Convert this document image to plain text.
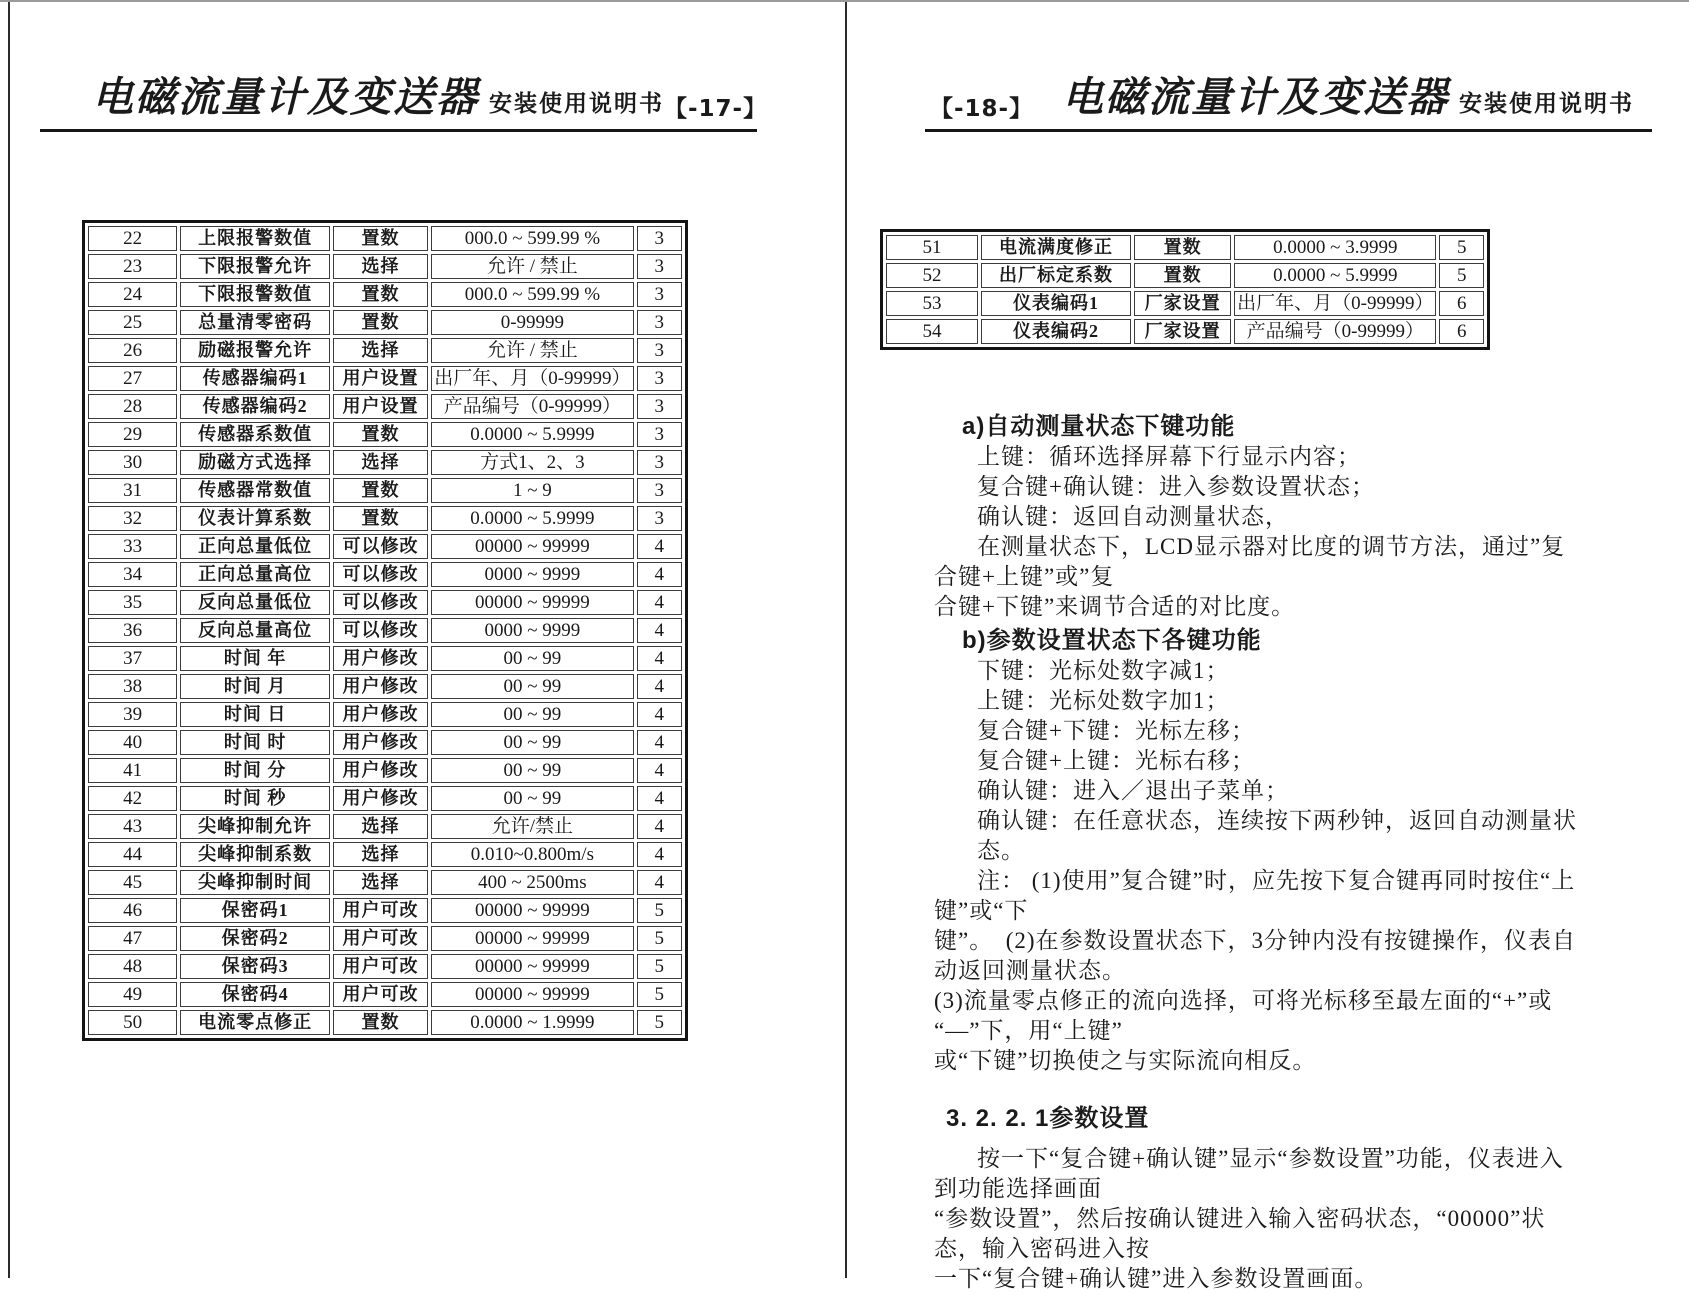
电磁流量计及变送器 安装使用说明书 【-17-】
22	上限报警数值	置数	000.0 ~ 599.99 %	3
23	下限报警允许	选择	允许 / 禁止	3
24	下限报警数值	置数	000.0 ~ 599.99 %	3
25	总量清零密码	置数	0-99999	3
26	励磁报警允许	选择	允许 / 禁止	3
27	传感器编码1	用户设置	出厂年、月（0-99999）	3
28	传感器编码2	用户设置	产品编号（0-99999）	3
29	传感器系数值	置数	0.0000 ~ 5.9999	3
30	励磁方式选择	选择	方式1、2、3	3
31	传感器常数值	置数	1 ~ 9	3
32	仪表计算系数	置数	0.0000 ~ 5.9999	3
33	正向总量低位	可以修改	00000 ~ 99999	4
34	正向总量高位	可以修改	0000 ~ 9999	4
35	反向总量低位	可以修改	00000 ~ 99999	4
36	反向总量高位	可以修改	0000 ~ 9999	4
37	时间 年	用户修改	00 ~ 99	4
38	时间 月	用户修改	00 ~ 99	4
39	时间 日	用户修改	00 ~ 99	4
40	时间 时	用户修改	00 ~ 99	4
41	时间 分	用户修改	00 ~ 99	4
42	时间 秒	用户修改	00 ~ 99	4
43	尖峰抑制允许	选择	允许/禁止	4
44	尖峰抑制系数	选择	0.010~0.800m/s	4
45	尖峰抑制时间	选择	400 ~ 2500ms	4
46	保密码1	用户可改	00000 ~ 99999	5
47	保密码2	用户可改	00000 ~ 99999	5
48	保密码3	用户可改	00000 ~ 99999	5
49	保密码4	用户可改	00000 ~ 99999	5
50	电流零点修正	置数	0.0000 ~ 1.9999	5
【-18-】 电磁流量计及变送器 安装使用说明书
51	电流满度修正	置数	0.0000 ~ 3.9999	5
52	出厂标定系数	置数	0.0000 ~ 5.9999	5
53	仪表编码1	厂家设置	出厂年、月（0-99999）	6
54	仪表编码2	厂家设置	产品编号（0-99999）	6
a)自动测量状态下键功能
上键：循环选择屏幕下行显示内容；
复合键+确认键：进入参数设置状态；
确认键：返回自动测量状态，
在测量状态下，LCD显示器对比度的调节方法，通过”复合键+上键”或”复
合键+下键”来调节合适的对比度。
b)参数设置状态下各键功能
下键：光标处数字减1；
上键：光标处数字加1；
复合键+下键：光标左移；
复合键+上键：光标右移；
确认键：进入／退出子菜单；
确认键：在任意状态，连续按下两秒钟，返回自动测量状态。
注： (1)使用”复合键”时，应先按下复合键再同时按住“上键”或“下
键”。　(2)在参数设置状态下，3分钟内没有按键操作，仪表自动返回测量状态。
(3)流量零点修正的流向选择，可将光标移至最左面的“+”或“—”下，用“上键”
或“下键”切换使之与实际流向相反。
3. 2. 2. 1参数设置
按一下“复合键+确认键”显示“参数设置”功能，仪表进入到功能选择画面
“参数设置”，然后按确认键进入输入密码状态，“00000”状态，输入密码进入按
一下“复合键+确认键”进入参数设置画面。
